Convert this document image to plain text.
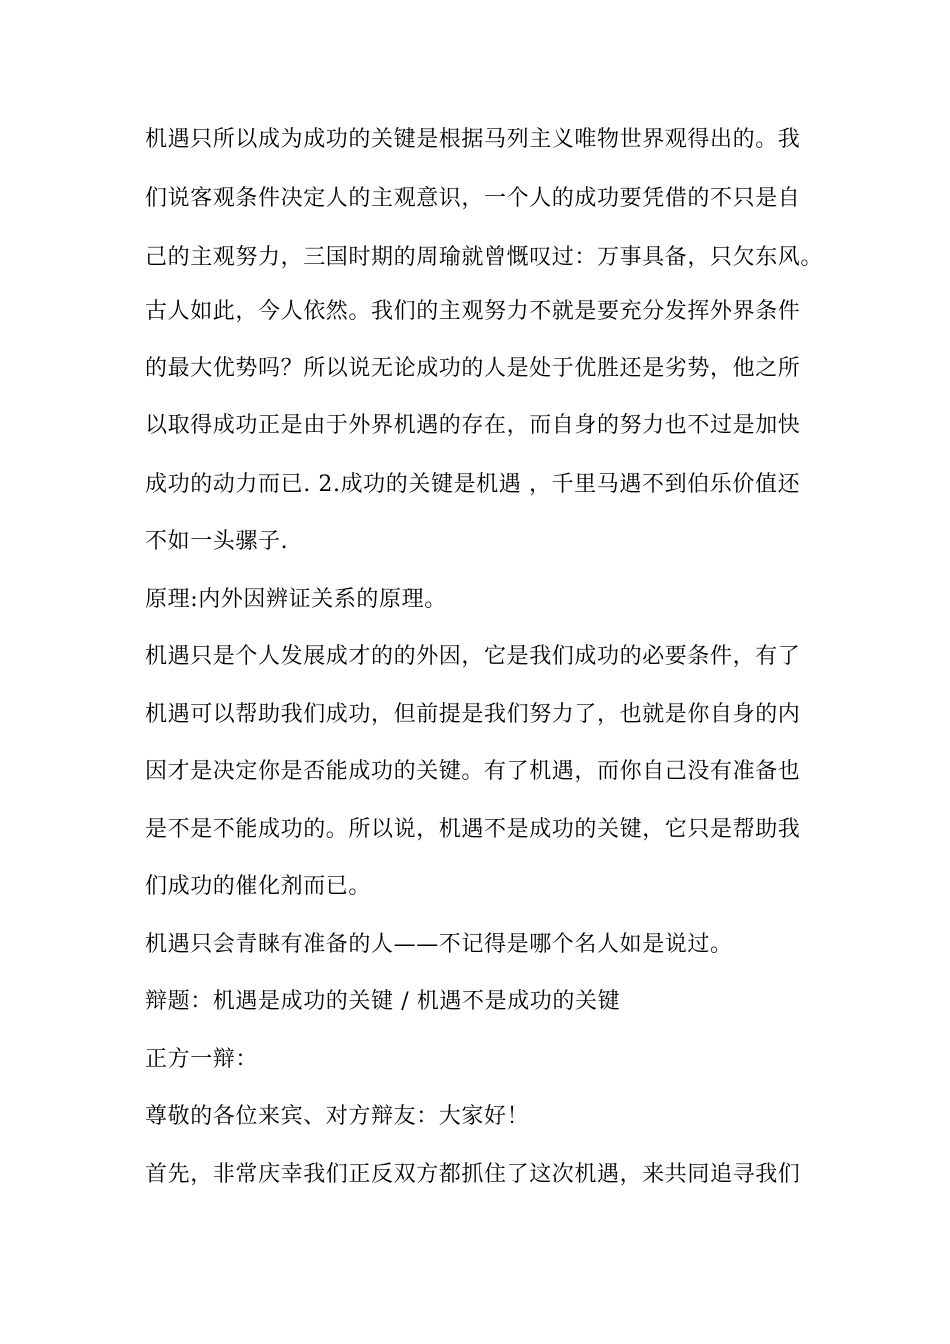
机遇只所以成为成功的关键是根据马列主义唯物世界观得出的。我
们说客观条件决定人的主观意识，一个人的成功要凭借的不只是自
己的主观努力，三国时期的周瑜就曾慨叹过：万事具备，只欠东风。
古人如此，今人依然。我们的主观努力不就是要充分发挥外界条件
的最大优势吗？所以说无论成功的人是处于优胜还是劣势，他之所
以取得成功正是由于外界机遇的存在，而自身的努力也不过是加快
成功的动力而已. 2.成功的关键是机遇 ，千里马遇不到伯乐价值还
不如一头骡子.
原理:内外因辨证关系的原理。
机遇只是个人发展成才的的外因，它是我们成功的必要条件，有了
机遇可以帮助我们成功，但前提是我们努力了，也就是你自身的内
因才是决定你是否能成功的关键。有了机遇，而你自己没有准备也
是不是不能成功的。所以说，机遇不是成功的关键，它只是帮助我
们成功的催化剂而已。
机遇只会青睐有准备的人——不记得是哪个名人如是说过。
辩题：机遇是成功的关键 / 机遇不是成功的关键
正方一辩：
尊敬的各位来宾、对方辩友：大家好！
首先，非常庆幸我们正反双方都抓住了这次机遇，来共同追寻我们
